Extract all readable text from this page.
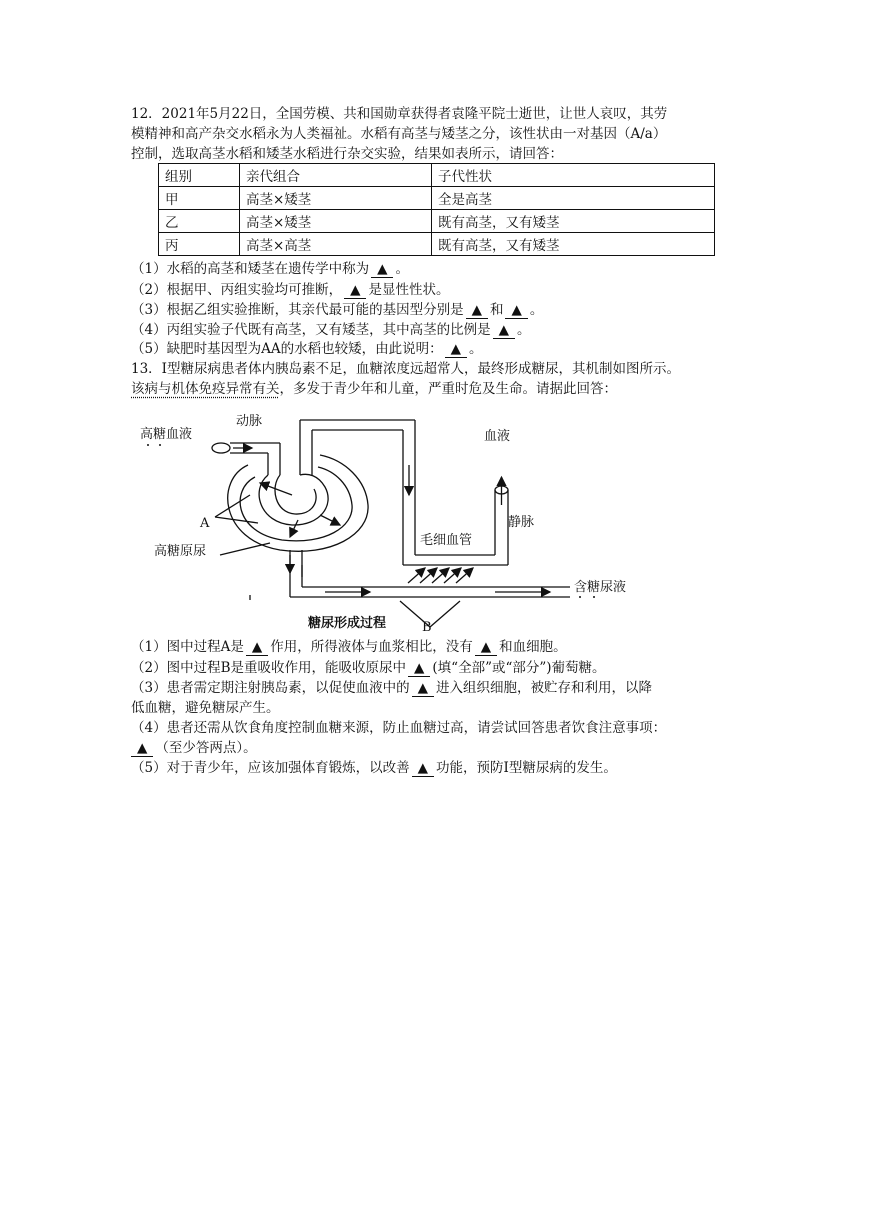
12．2021年5月22日，全国劳模、共和国勋章获得者袁隆平院士逝世，让世人哀叹，其劳
模精神和高产杂交水稻永为人类福祉。水稻有高茎与矮茎之分，该性状由一对基因（A/a）
控制，选取高茎水稻和矮茎水稻进行杂交实验，结果如表所示，请回答：
组别	亲代组合	子代性状
甲	高茎×矮茎	全是高茎
乙	高茎×矮茎	既有高茎，又有矮茎
丙	高茎×高茎	既有高茎，又有矮茎
（1）水稻的高茎和矮茎在遗传学中称为 ▲ 。
（2）根据甲、丙组实验均可推断， ▲ 是显性性状。
（3）根据乙组实验推断，其亲代最可能的基因型分别是 ▲ 和 ▲ 。
（4）丙组实验子代既有高茎，又有矮茎，其中高茎的比例是 ▲ 。
（5）缺肥时基因型为AA的水稻也较矮，由此说明： ▲ 。
13．Ⅰ型糖尿病患者体内胰岛素不足，血糖浓度远超常人，最终形成糖尿，其机制如图所示。
该病与机体免疫异常有关，多发于青少年和儿童，严重时危及生命。请据此回答：
动脉
高糖血液
A
高糖原尿
血液
静脉
毛细血管
含糖尿液
B
糖尿形成过程
（1）图中过程A是 ▲ 作用，所得液体与血浆相比，没有 ▲ 和血细胞。
（2）图中过程B是重吸收作用，能吸收原尿中 ▲ (填“全部”或“部分”)葡萄糖。
（3）患者需定期注射胰岛素，以促使血液中的 ▲ 进入组织细胞，被贮存和利用，以降
低血糖，避免糖尿产生。
（4）患者还需从饮食角度控制血糖来源，防止血糖过高，请尝试回答患者饮食注意事项：
▲ （至少答两点）。
（5）对于青少年，应该加强体育锻炼，以改善 ▲ 功能，预防Ⅰ型糖尿病的发生。
